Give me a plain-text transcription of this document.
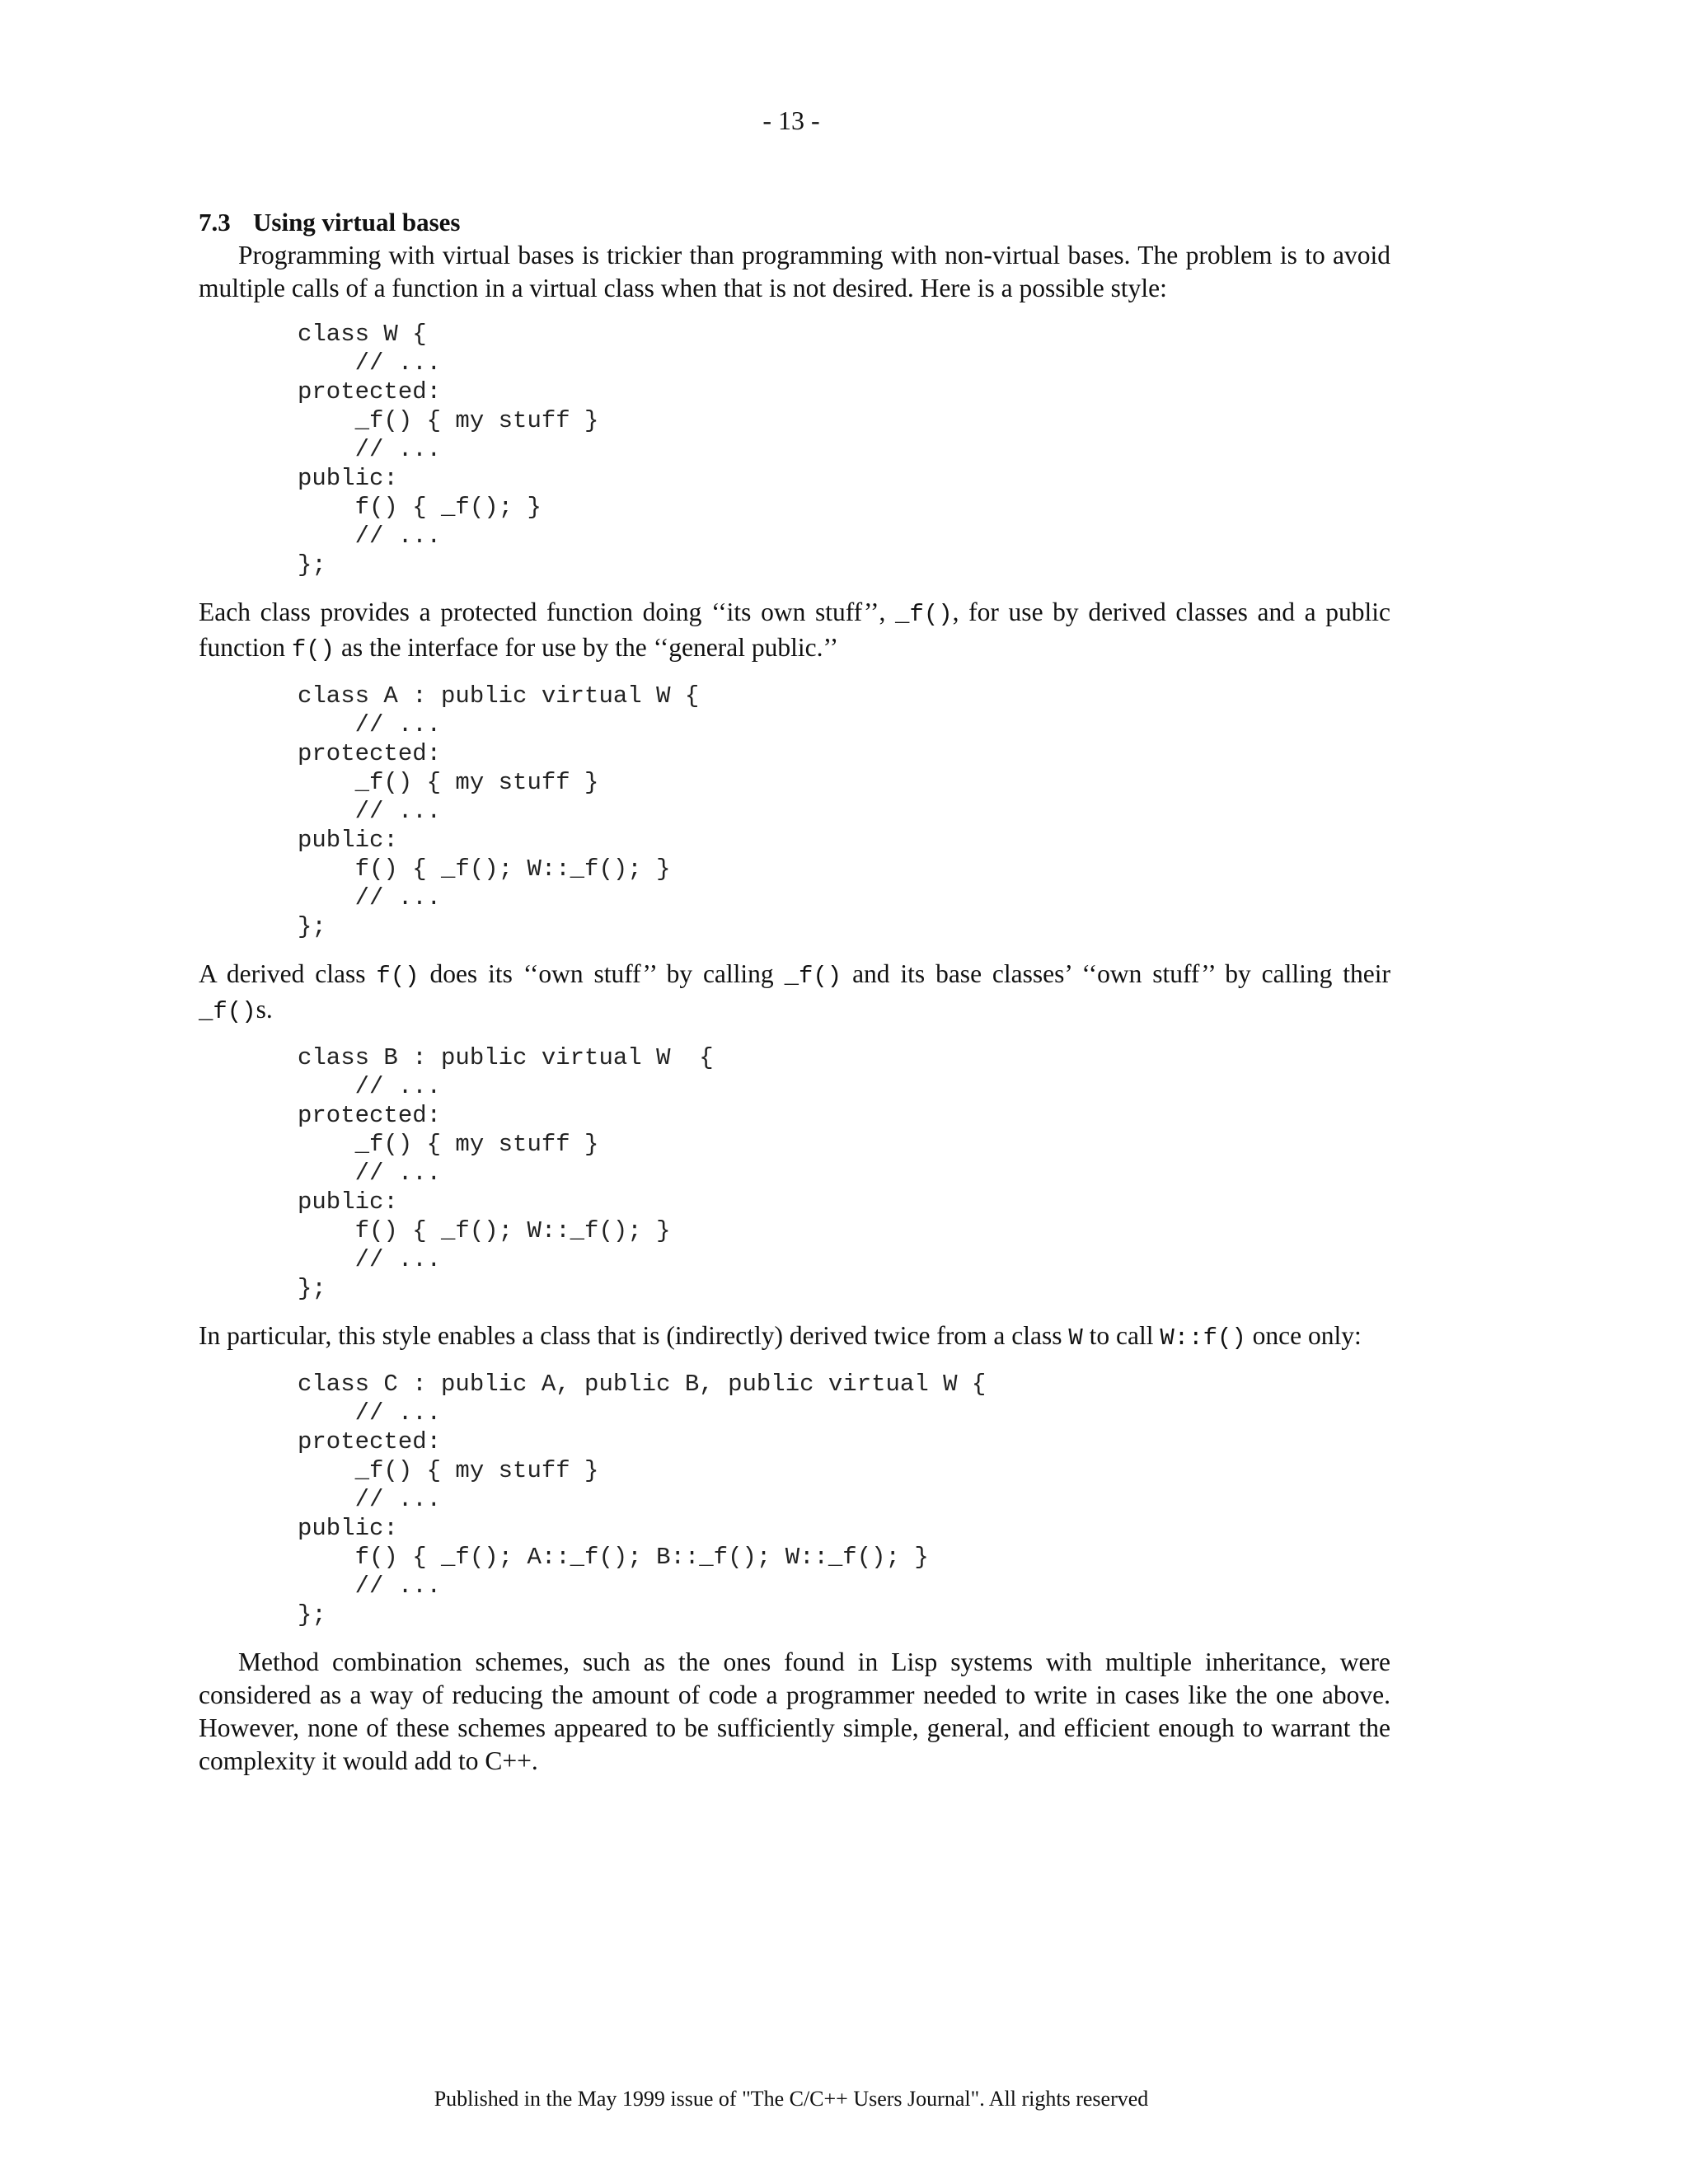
- 13 -
7.3 Using virtual bases

Programming with virtual bases is trickier than programming with non-virtual bases. The problem is to avoid multiple calls of a function in a virtual class when that is not desired. Here is a possible style:

class W {
// ...
protected:
_f() { my stuff }
// ...
public:
f() { _f(); }
// ...
};

Each class provides a protected function doing ‘‘its own stuff’’, _f(), for use by derived classes and a public function f() as the interface for use by the ‘‘general public.’’

class A : public virtual W {
// ...
protected:
_f() { my stuff }
// ...
public:
f() { _f(); W::_f(); }
// ...
};

A derived class f() does its ‘‘own stuff’’ by calling _f() and its base classes’ ‘‘own stuff’’ by calling their _f()s.

class B : public virtual W  {
// ...
protected:
_f() { my stuff }
// ...
public:
f() { _f(); W::_f(); }
// ...
};

In particular, this style enables a class that is (indirectly) derived twice from a class W to call W::f() once only:

class C : public A, public B, public virtual W {
// ...
protected:
_f() { my stuff }
// ...
public:
f() { _f(); A::_f(); B::_f(); W::_f(); }
// ...
};

Method combination schemes, such as the ones found in Lisp systems with multiple inheritance, were considered as a way of reducing the amount of code a programmer needed to write in cases like the one above. However, none of these schemes appeared to be sufficiently simple, general, and efficient enough to warrant the complexity it would add to C++.

Published in the May 1999 issue of "The C/C++ Users Journal". All rights reserved
